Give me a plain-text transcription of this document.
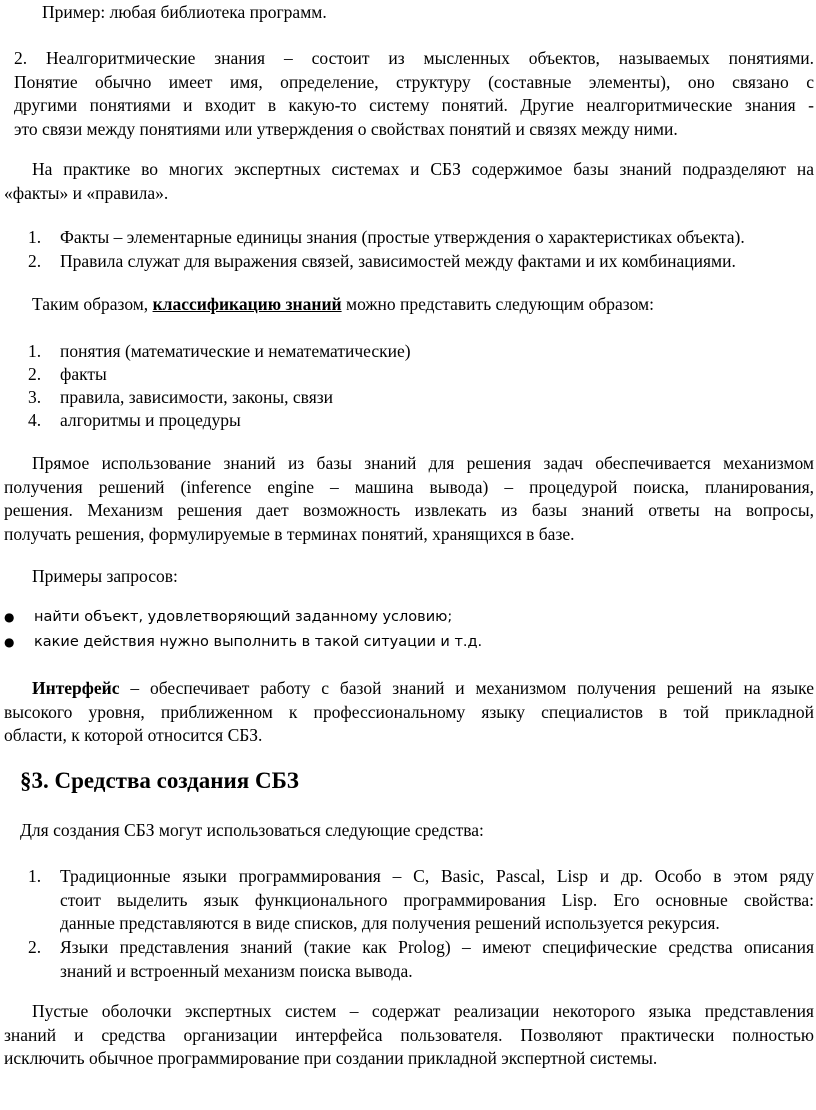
Пример: любая библиотека программ.
2. Неалгоритмические знания – состоит из мысленных объектов, называемых понятиями.
Понятие обычно имеет имя, определение, структуру (составные элементы), оно связано с
другими понятиями и входит в какую-то систему понятий. Другие неалгоритмические знания -
это связи между понятиями или утверждения о свойствах понятий и связях между ними.
На практике во многих экспертных системах и СБЗ содержимое базы знаний подразделяют на
«факты» и «правила».
1. Факты – элементарные единицы знания (простые утверждения о характеристиках объекта).
2. Правила служат для выражения связей, зависимостей между фактами и их комбинациями.
Таким образом, классификацию знаний можно представить следующим образом:
1. понятия (математические и нематематические)
2. факты
3. правила, зависимости, законы, связи
4. алгоритмы и процедуры
Прямое использование знаний из базы знаний для решения задач обеспечивается механизмом
получения решений (inference engine – машина вывода) – процедурой поиска, планирования,
решения. Механизм решения дает возможность извлекать из базы знаний ответы на вопросы,
получать решения, формулируемые в терминах понятий, хранящихся в базе.
Примеры запросов:
● найти объект, удовлетворяющий заданному условию;
● какие действия нужно выполнить в такой ситуации и т.д.
Интерфейс – обеспечивает работу с базой знаний и механизмом получения решений на языке
высокого уровня, приближенном к профессиональному языку специалистов в той прикладной
области, к которой относится СБЗ.
§3. Средства создания СБЗ
Для создания СБЗ могут использоваться следующие средства:
1. Традиционные языки программирования – С, Basic, Pascal, Lisp и др. Особо в этом ряду
стоит выделить язык функционального программирования Lisp. Его основные свойства:
данные представляются в виде списков, для получения решений используется рекурсия.
2. Языки представления знаний (такие как Prolog) – имеют специфические средства описания
знаний и встроенный механизм поиска вывода.
Пустые оболочки экспертных систем – содержат реализации некоторого языка представления
знаний и средства организации интерфейса пользователя. Позволяют практически полностью
исключить обычное программирование при создании прикладной экспертной системы.
